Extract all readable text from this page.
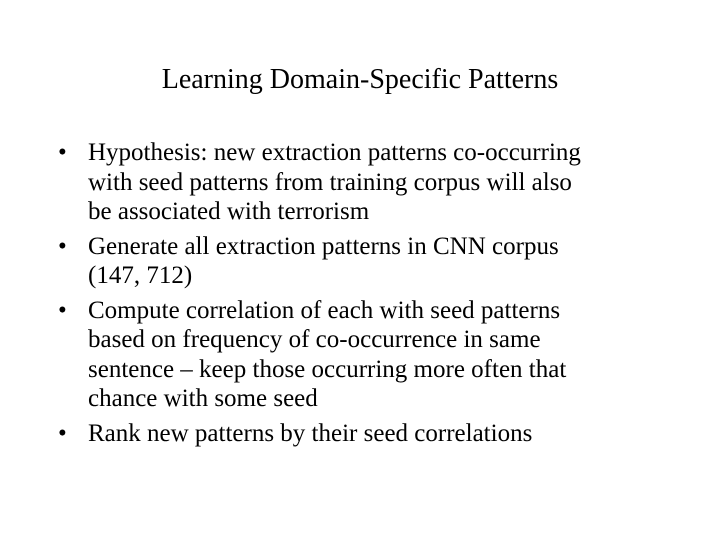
Learning Domain-Specific Patterns
• Hypothesis: new extraction patterns co-occurring
with seed patterns from training corpus will also
be associated with terrorism
• Generate all extraction patterns in CNN corpus
(147, 712)
• Compute correlation of each with seed patterns
based on frequency of co-occurrence in same
sentence – keep those occurring more often that
chance with some seed
• Rank new patterns by their seed correlations
